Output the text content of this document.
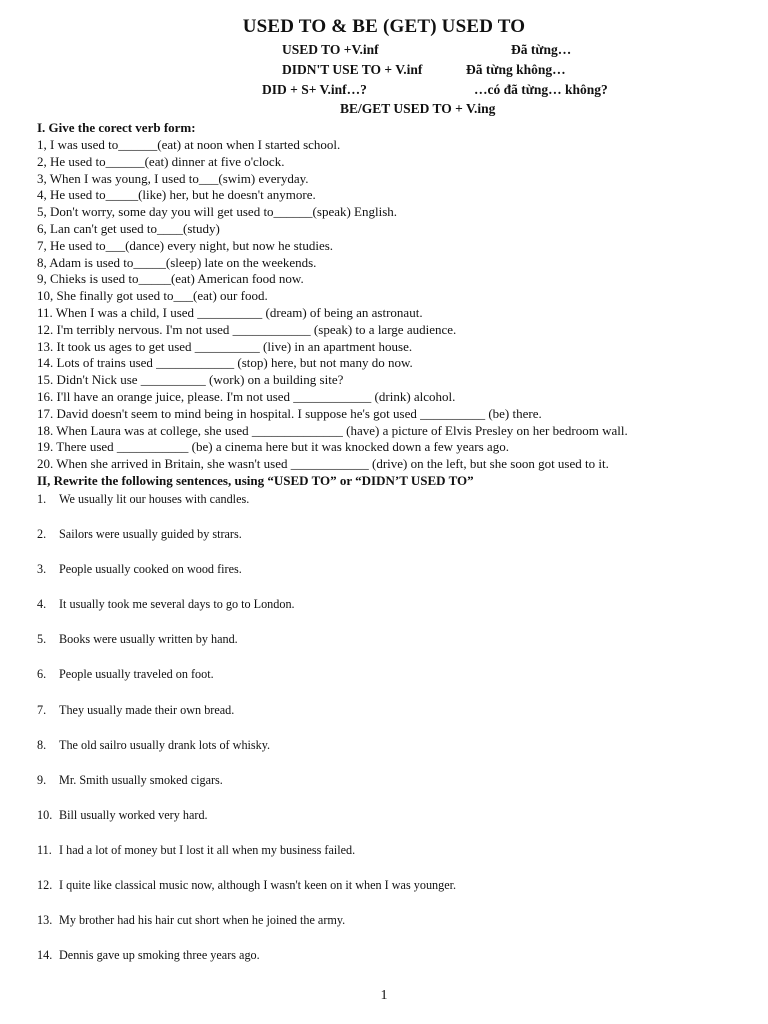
USED TO & BE (GET) USED TO
USED TO +V.inf	Đã từng…
DIDN'T USE TO + V.inf	Đã từng không…
DID + S+ V.inf…?	…có đã từng… không?
BE/GET USED TO + V.ing
I. Give the corect verb form:
1, I was used to______(eat) at noon when I started school.
2, He used to______(eat) dinner at five o'clock.
3, When I was young, I used to___(swim) everyday.
4, He used to_____(like) her, but he doesn't anymore.
5, Don't worry, some day you will get used to______(speak) English.
6, Lan can't get used to____(study)
7, He used to___(dance) every night, but now he studies.
8, Adam is used to_____(sleep) late on the weekends.
9, Chieks is used to_____(eat) American food now.
10, She finally got used to___(eat) our food.
11. When I was a child, I used __________ (dream) of being an astronaut.
12. I'm terribly nervous. I'm not used ____________ (speak) to a large audience.
13. It took us ages to get used __________ (live) in an apartment house.
14. Lots of trains used ____________ (stop) here, but not many do now.
15. Didn't Nick use __________ (work) on a building site?
16. I'll have an orange juice, please. I'm not used ____________ (drink) alcohol.
17. David doesn't seem to mind being in hospital. I suppose he's got used __________ (be) there.
18. When Laura was at college, she used ______________ (have) a picture of Elvis Presley on her bedroom wall.
19. There used ___________ (be) a cinema here but it was knocked down a few years ago.
20. When she arrived in Britain, she wasn't used ____________ (drive) on the left, but she soon got used to it.
II, Rewrite the following sentences, using “USED TO” or “DIDN’T USED TO”
1. We usually lit our houses with candles.
2. Sailors were usually guided by strars.
3. People usually cooked on wood fires.
4. It usually took me several days to go to London.
5. Books were usually written by hand.
6. People usually traveled on foot.
7. They usually made their own bread.
8. The old sailro usually drank lots of whisky.
9. Mr. Smith usually smoked cigars.
10. Bill usually worked very hard.
11. I had a lot of money but I lost it all when my business failed.
12. I quite like classical music now, although I wasn't keen on it when I was younger.
13. My brother had his hair cut short when he joined the army.
14. Dennis gave up smoking three years ago.
1
